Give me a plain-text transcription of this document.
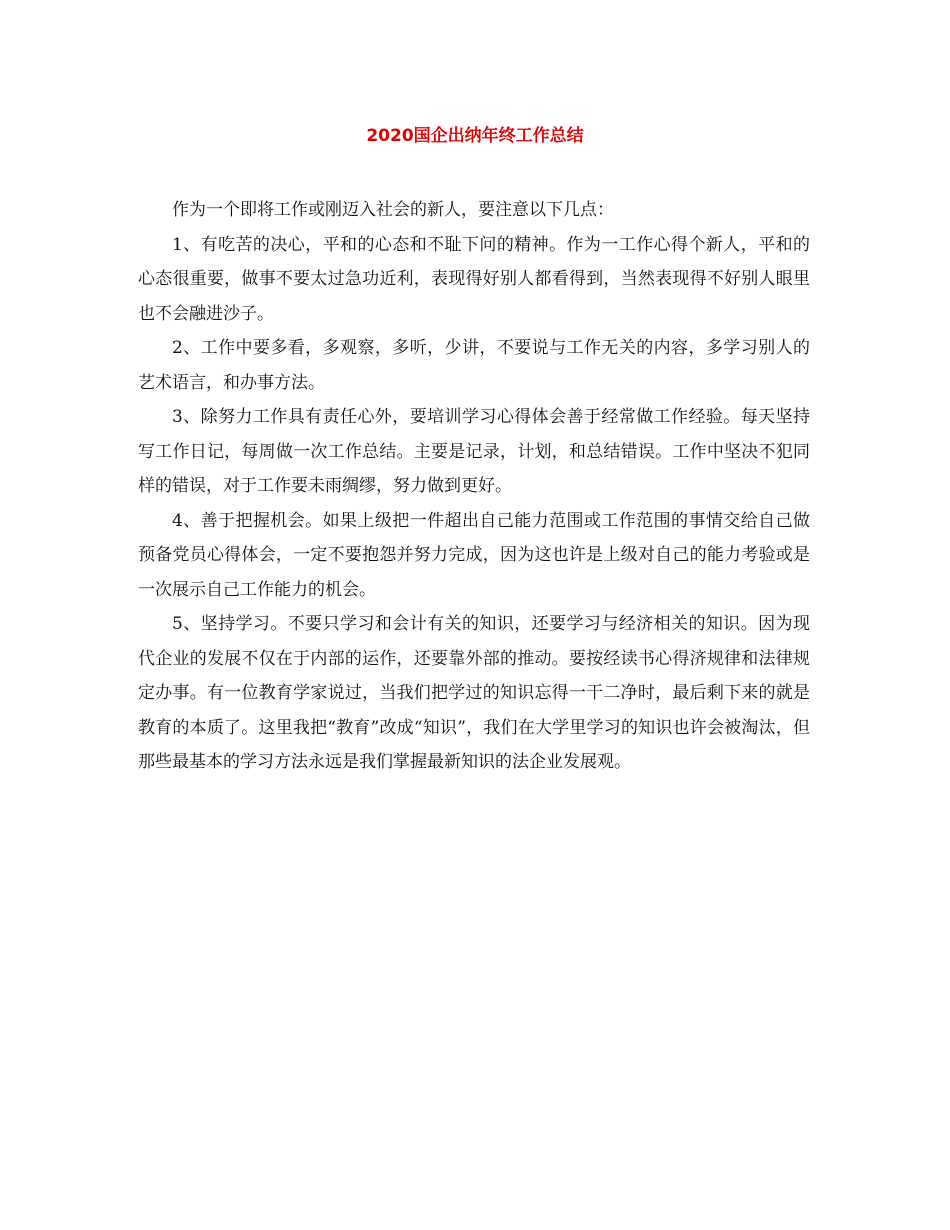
2020国企出纳年终工作总结

作为一个即将工作或刚迈入社会的新人，要注意以下几点：

1、有吃苦的决心，平和的心态和不耻下问的精神。作为一工作心得个新人，平和的心态很重要，做事不要太过急功近利，表现得好别人都看得到，当然表现得不好别人眼里也不会融进沙子。

2、工作中要多看，多观察，多听，少讲，不要说与工作无关的内容，多学习别人的艺术语言，和办事方法。

3、除努力工作具有责任心外，要培训学习心得体会善于经常做工作经验。每天坚持写工作日记，每周做一次工作总结。主要是记录，计划，和总结错误。工作中坚决不犯同样的错误，对于工作要未雨绸缪，努力做到更好。

4、善于把握机会。如果上级把一件超出自己能力范围或工作范围的事情交给自己做预备党员心得体会，一定不要抱怨并努力完成，因为这也许是上级对自己的能力考验或是一次展示自己工作能力的机会。

5、坚持学习。不要只学习和会计有关的知识，还要学习与经济相关的知识。因为现代企业的发展不仅在于内部的运作，还要靠外部的推动。要按经读书心得济规律和法律规定办事。有一位教育学家说过，当我们把学过的知识忘得一干二净时，最后剩下来的就是教育的本质了。这里我把“教育”改成“知识”，我们在大学里学习的知识也许会被淘汰，但那些最基本的学习方法永远是我们掌握最新知识的法企业发展观。
